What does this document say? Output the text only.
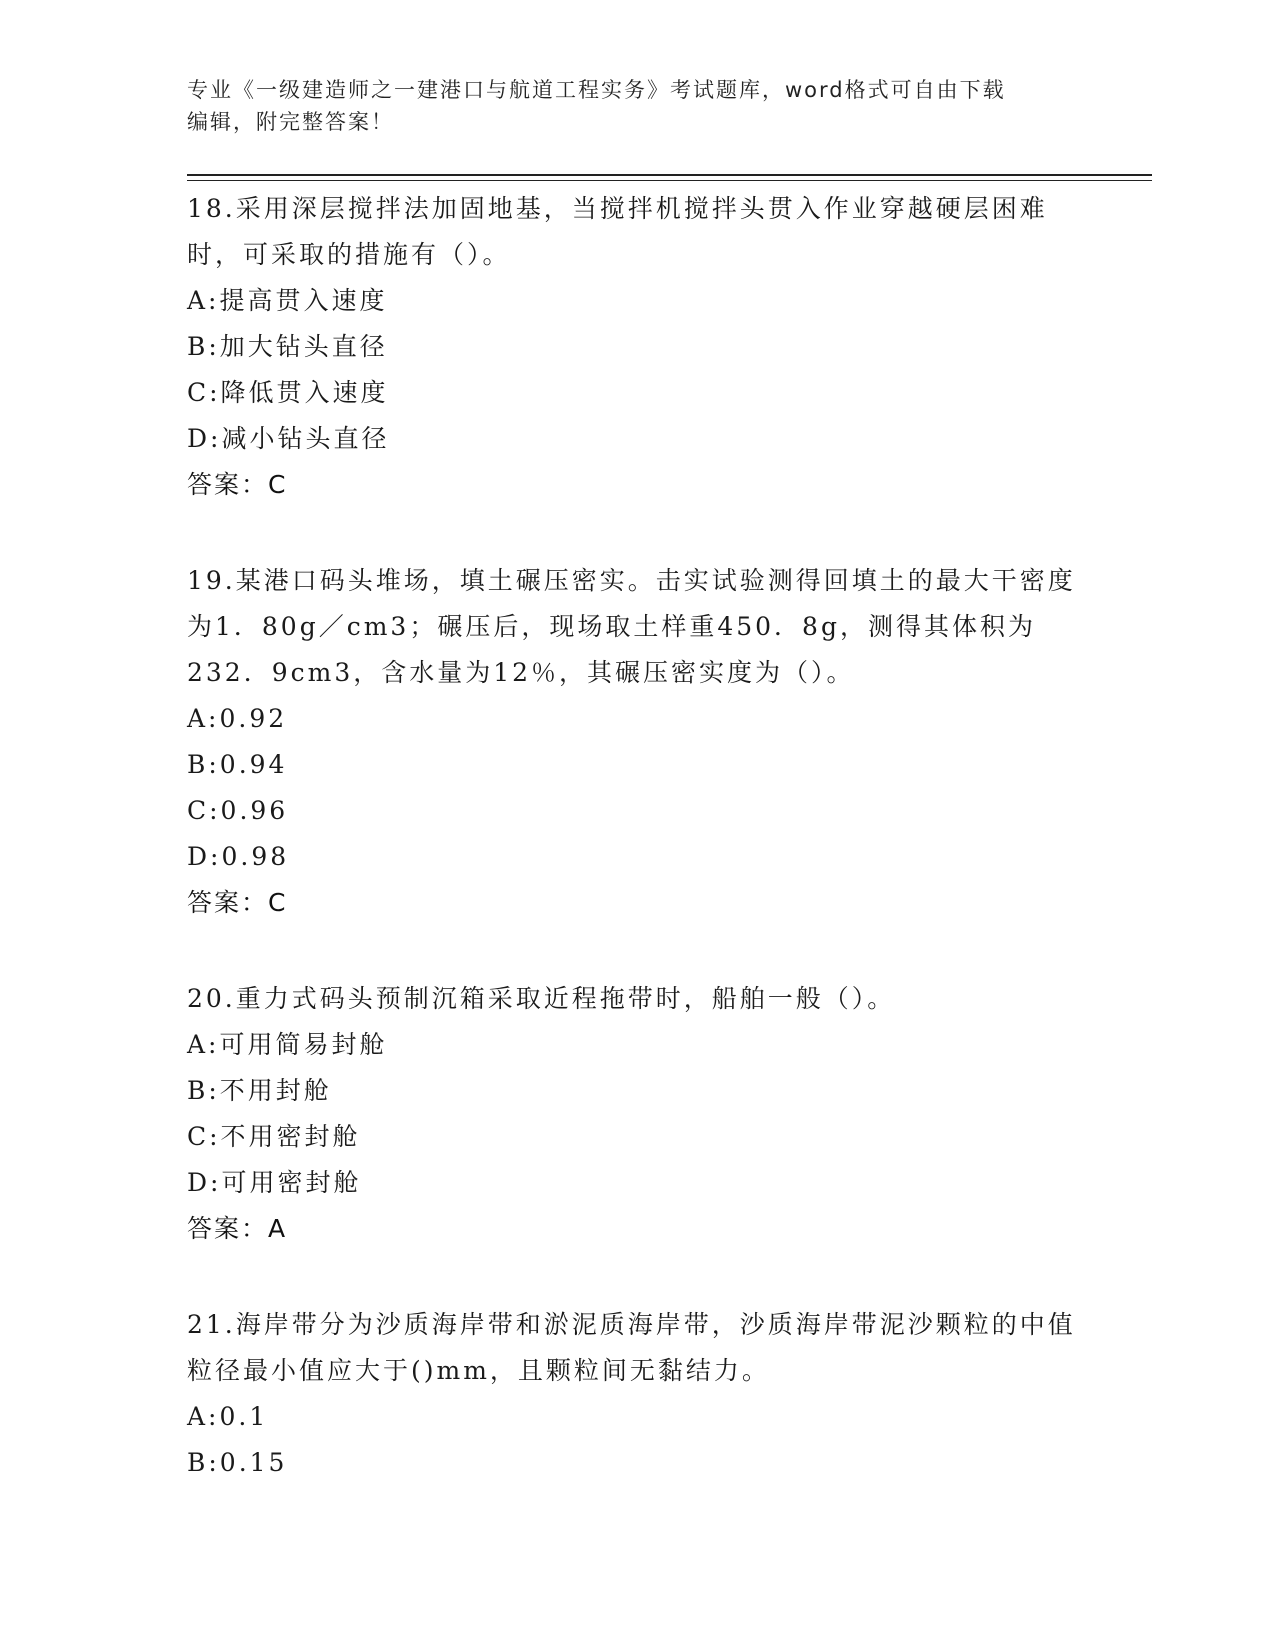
专业《一级建造师之一建港口与航道工程实务》考试题库，word格式可自由下载
编辑，附完整答案！

18.采用深层搅拌法加固地基，当搅拌机搅拌头贯入作业穿越硬层困难时，可采取的措施有（）。

A:提高贯入速度

B:加大钻头直径

C:降低贯入速度

D:减小钻头直径

答案：C

19.某港口码头堆场，填土碾压密实。击实试验测得回填土的最大干密度为1．80g／cm3；碾压后，现场取土样重450．8g，测得其体积为232．9cm3，含水量为12％，其碾压密实度为（）。

A:0.92

B:0.94

C:0.96

D:0.98

答案：C

20.重力式码头预制沉箱采取近程拖带时，船舶一般（）。

A:可用简易封舱

B:不用封舱

C:不用密封舱

D:可用密封舱

答案：A

21.海岸带分为沙质海岸带和淤泥质海岸带，沙质海岸带泥沙颗粒的中值粒径最小值应大于()mm，且颗粒间无黏结力。

A:0.1

B:0.15
